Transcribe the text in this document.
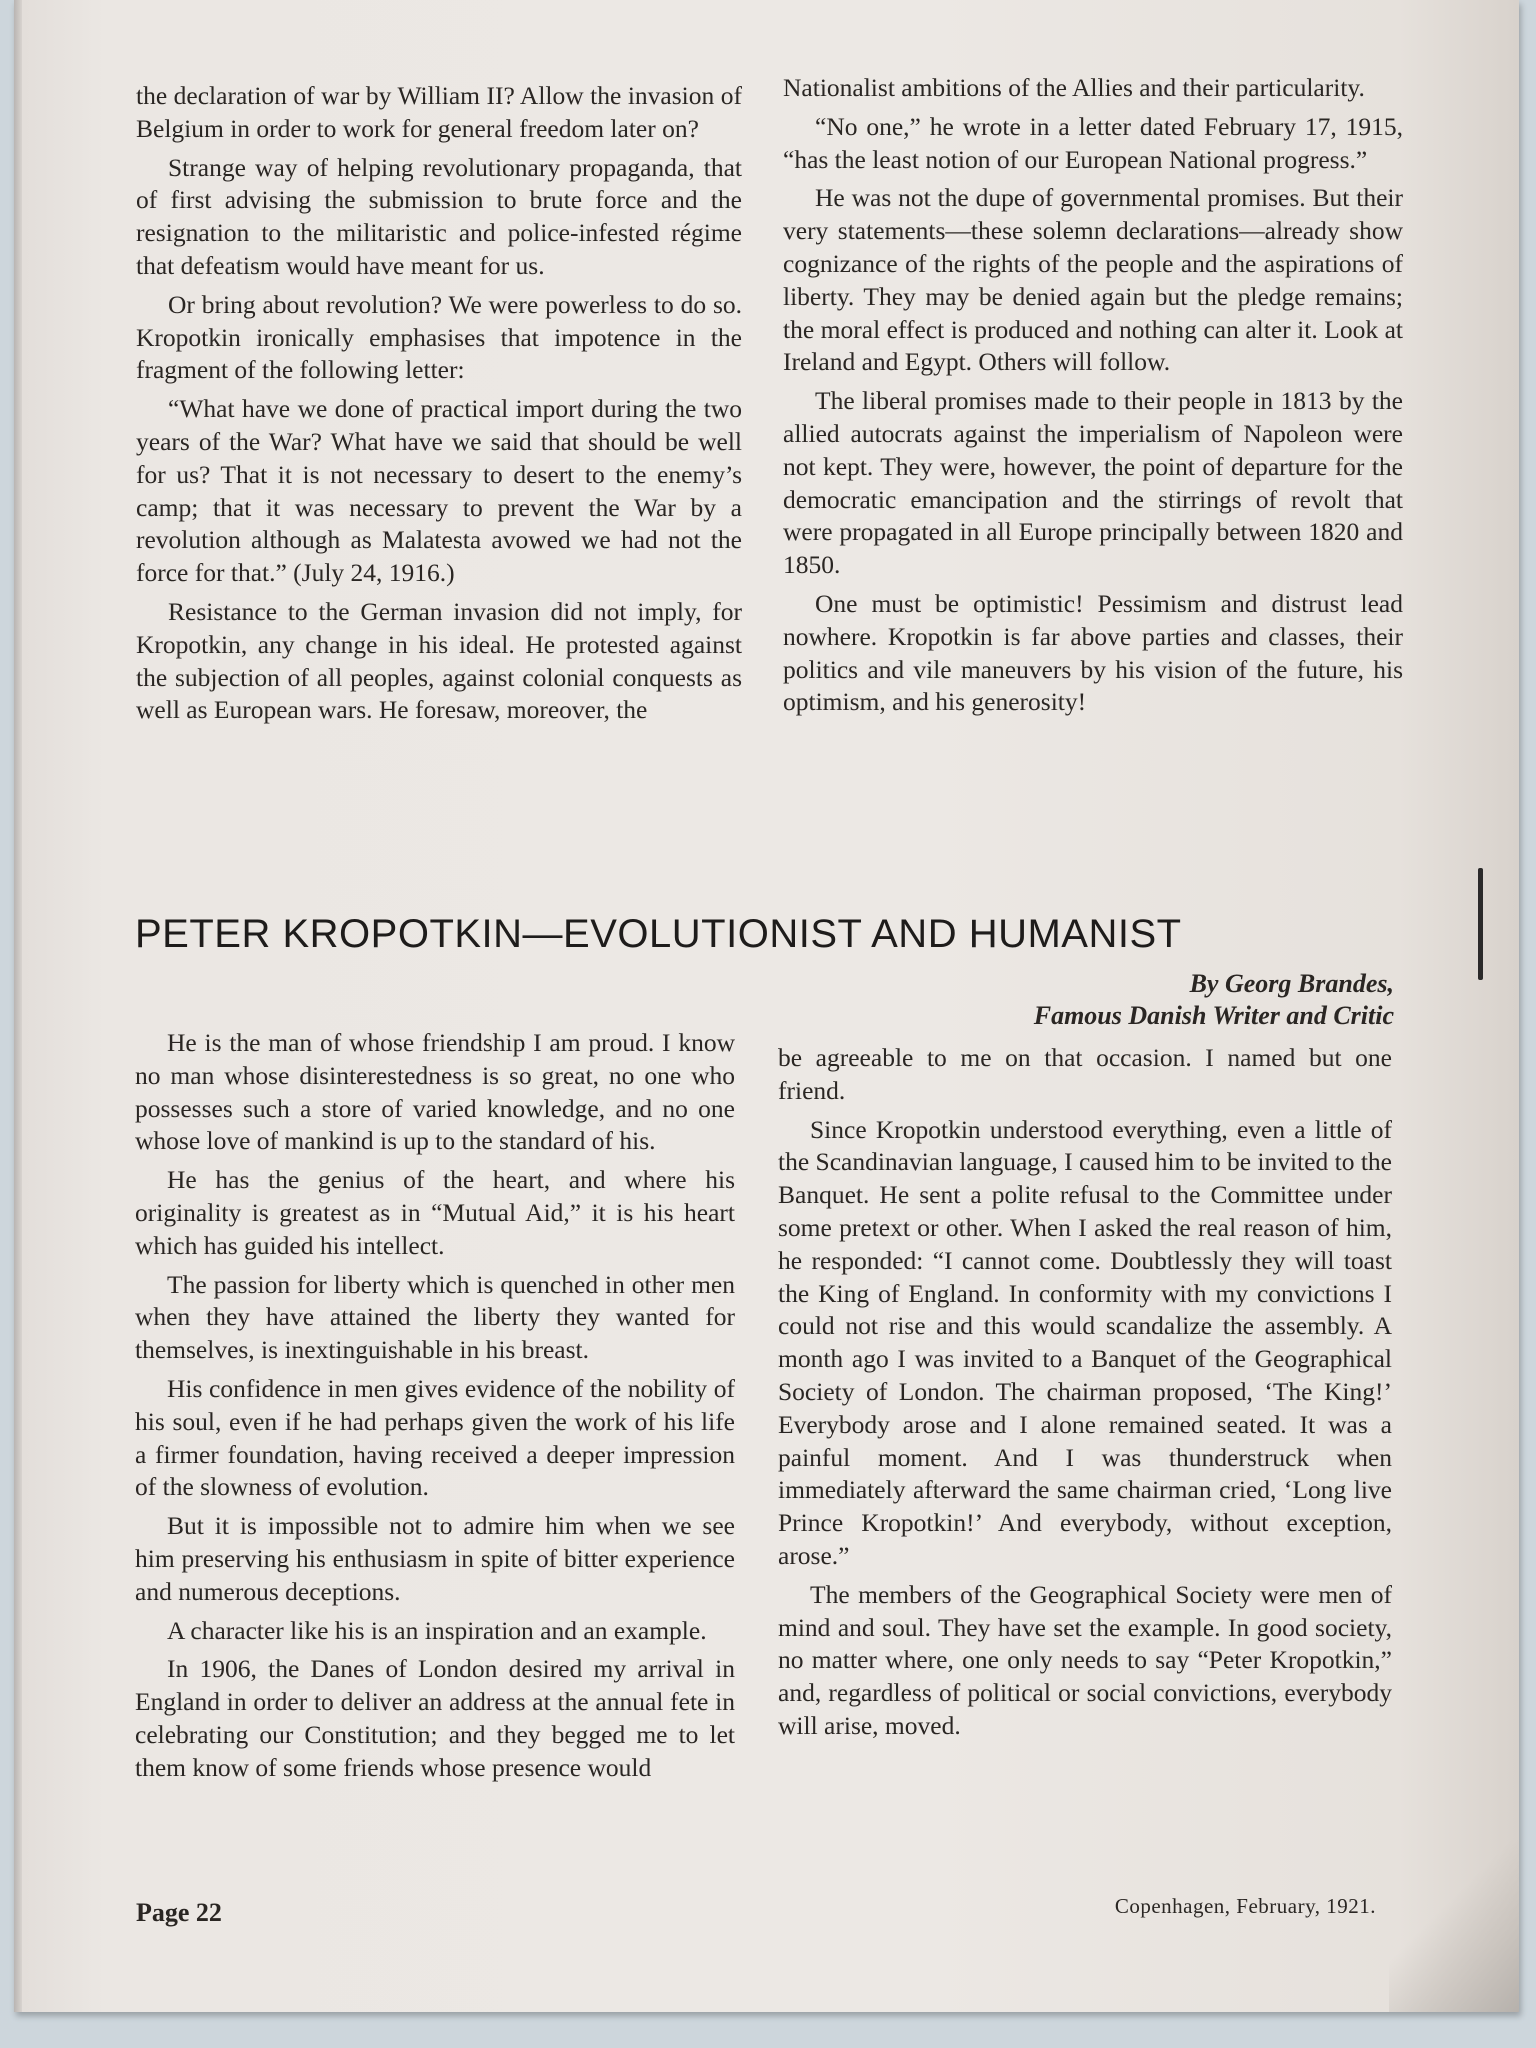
the declaration of war by William II? Allow the invasion of Belgium in order to work for general freedom later on?

Strange way of helping revolutionary propaganda, that of first advising the submission to brute force and the resignation to the militaristic and police-infested régime that defeatism would have meant for us.

Or bring about revolution? We were powerless to do so. Kropotkin ironically emphasises that impotence in the fragment of the following letter:

“What have we done of practical import during the two years of the War? What have we said that should be well for us? That it is not necessary to desert to the enemy’s camp; that it was necessary to prevent the War by a revolution although as Malatesta avowed we had not the force for that.” (July 24, 1916.)

Resistance to the German invasion did not imply, for Kropotkin, any change in his ideal. He protested against the subjection of all peoples, against colonial conquests as well as European wars. He foresaw, moreover, the

Nationalist ambitions of the Allies and their particularity.

“No one,” he wrote in a letter dated February 17, 1915, “has the least notion of our European National progress.”

He was not the dupe of governmental promises. But their very statements—these solemn declarations—already show cognizance of the rights of the people and the aspirations of liberty. They may be denied again but the pledge remains; the moral effect is produced and nothing can alter it. Look at Ireland and Egypt. Others will follow.

The liberal promises made to their people in 1813 by the allied autocrats against the imperialism of Napoleon were not kept. They were, however, the point of departure for the democratic emancipation and the stirrings of revolt that were propagated in all Europe principally between 1820 and 1850.

One must be optimistic! Pessimism and distrust lead nowhere. Kropotkin is far above parties and classes, their politics and vile maneuvers by his vision of the future, his optimism, and his generosity!

PETER KROPOTKIN—EVOLUTIONIST AND HUMANIST
By Georg Brandes,
Famous Danish Writer and Critic

He is the man of whose friendship I am proud. I know no man whose disinterestedness is so great, no one who possesses such a store of varied knowledge, and no one whose love of mankind is up to the standard of his.

He has the genius of the heart, and where his originality is greatest as in “Mutual Aid,” it is his heart which has guided his intellect.

The passion for liberty which is quenched in other men when they have attained the liberty they wanted for themselves, is inextinguishable in his breast.

His confidence in men gives evidence of the nobility of his soul, even if he had perhaps given the work of his life a firmer foundation, having received a deeper impression of the slowness of evolution.

But it is impossible not to admire him when we see him preserving his enthusiasm in spite of bitter experience and numerous deceptions.

A character like his is an inspiration and an example.

In 1906, the Danes of London desired my arrival in England in order to deliver an address at the annual fete in celebrating our Constitution; and they begged me to let them know of some friends whose presence would

be agreeable to me on that occasion. I named but one friend.

Since Kropotkin understood everything, even a little of the Scandinavian language, I caused him to be invited to the Banquet. He sent a polite refusal to the Committee under some pretext or other. When I asked the real reason of him, he responded: “I cannot come. Doubtlessly they will toast the King of England. In conformity with my convictions I could not rise and this would scandalize the assembly. A month ago I was invited to a Banquet of the Geographical Society of London. The chairman proposed, ‘The King!’ Everybody arose and I alone remained seated. It was a painful moment. And I was thunderstruck when immediately afterward the same chairman cried, ‘Long live Prince Kropotkin!’ And everybody, without exception, arose.”

The members of the Geographical Society were men of mind and soul. They have set the example. In good society, no matter where, one only needs to say “Peter Kropotkin,” and, regardless of political or social convictions, everybody will arise, moved.

Page 22	Copenhagen, February, 1921.
